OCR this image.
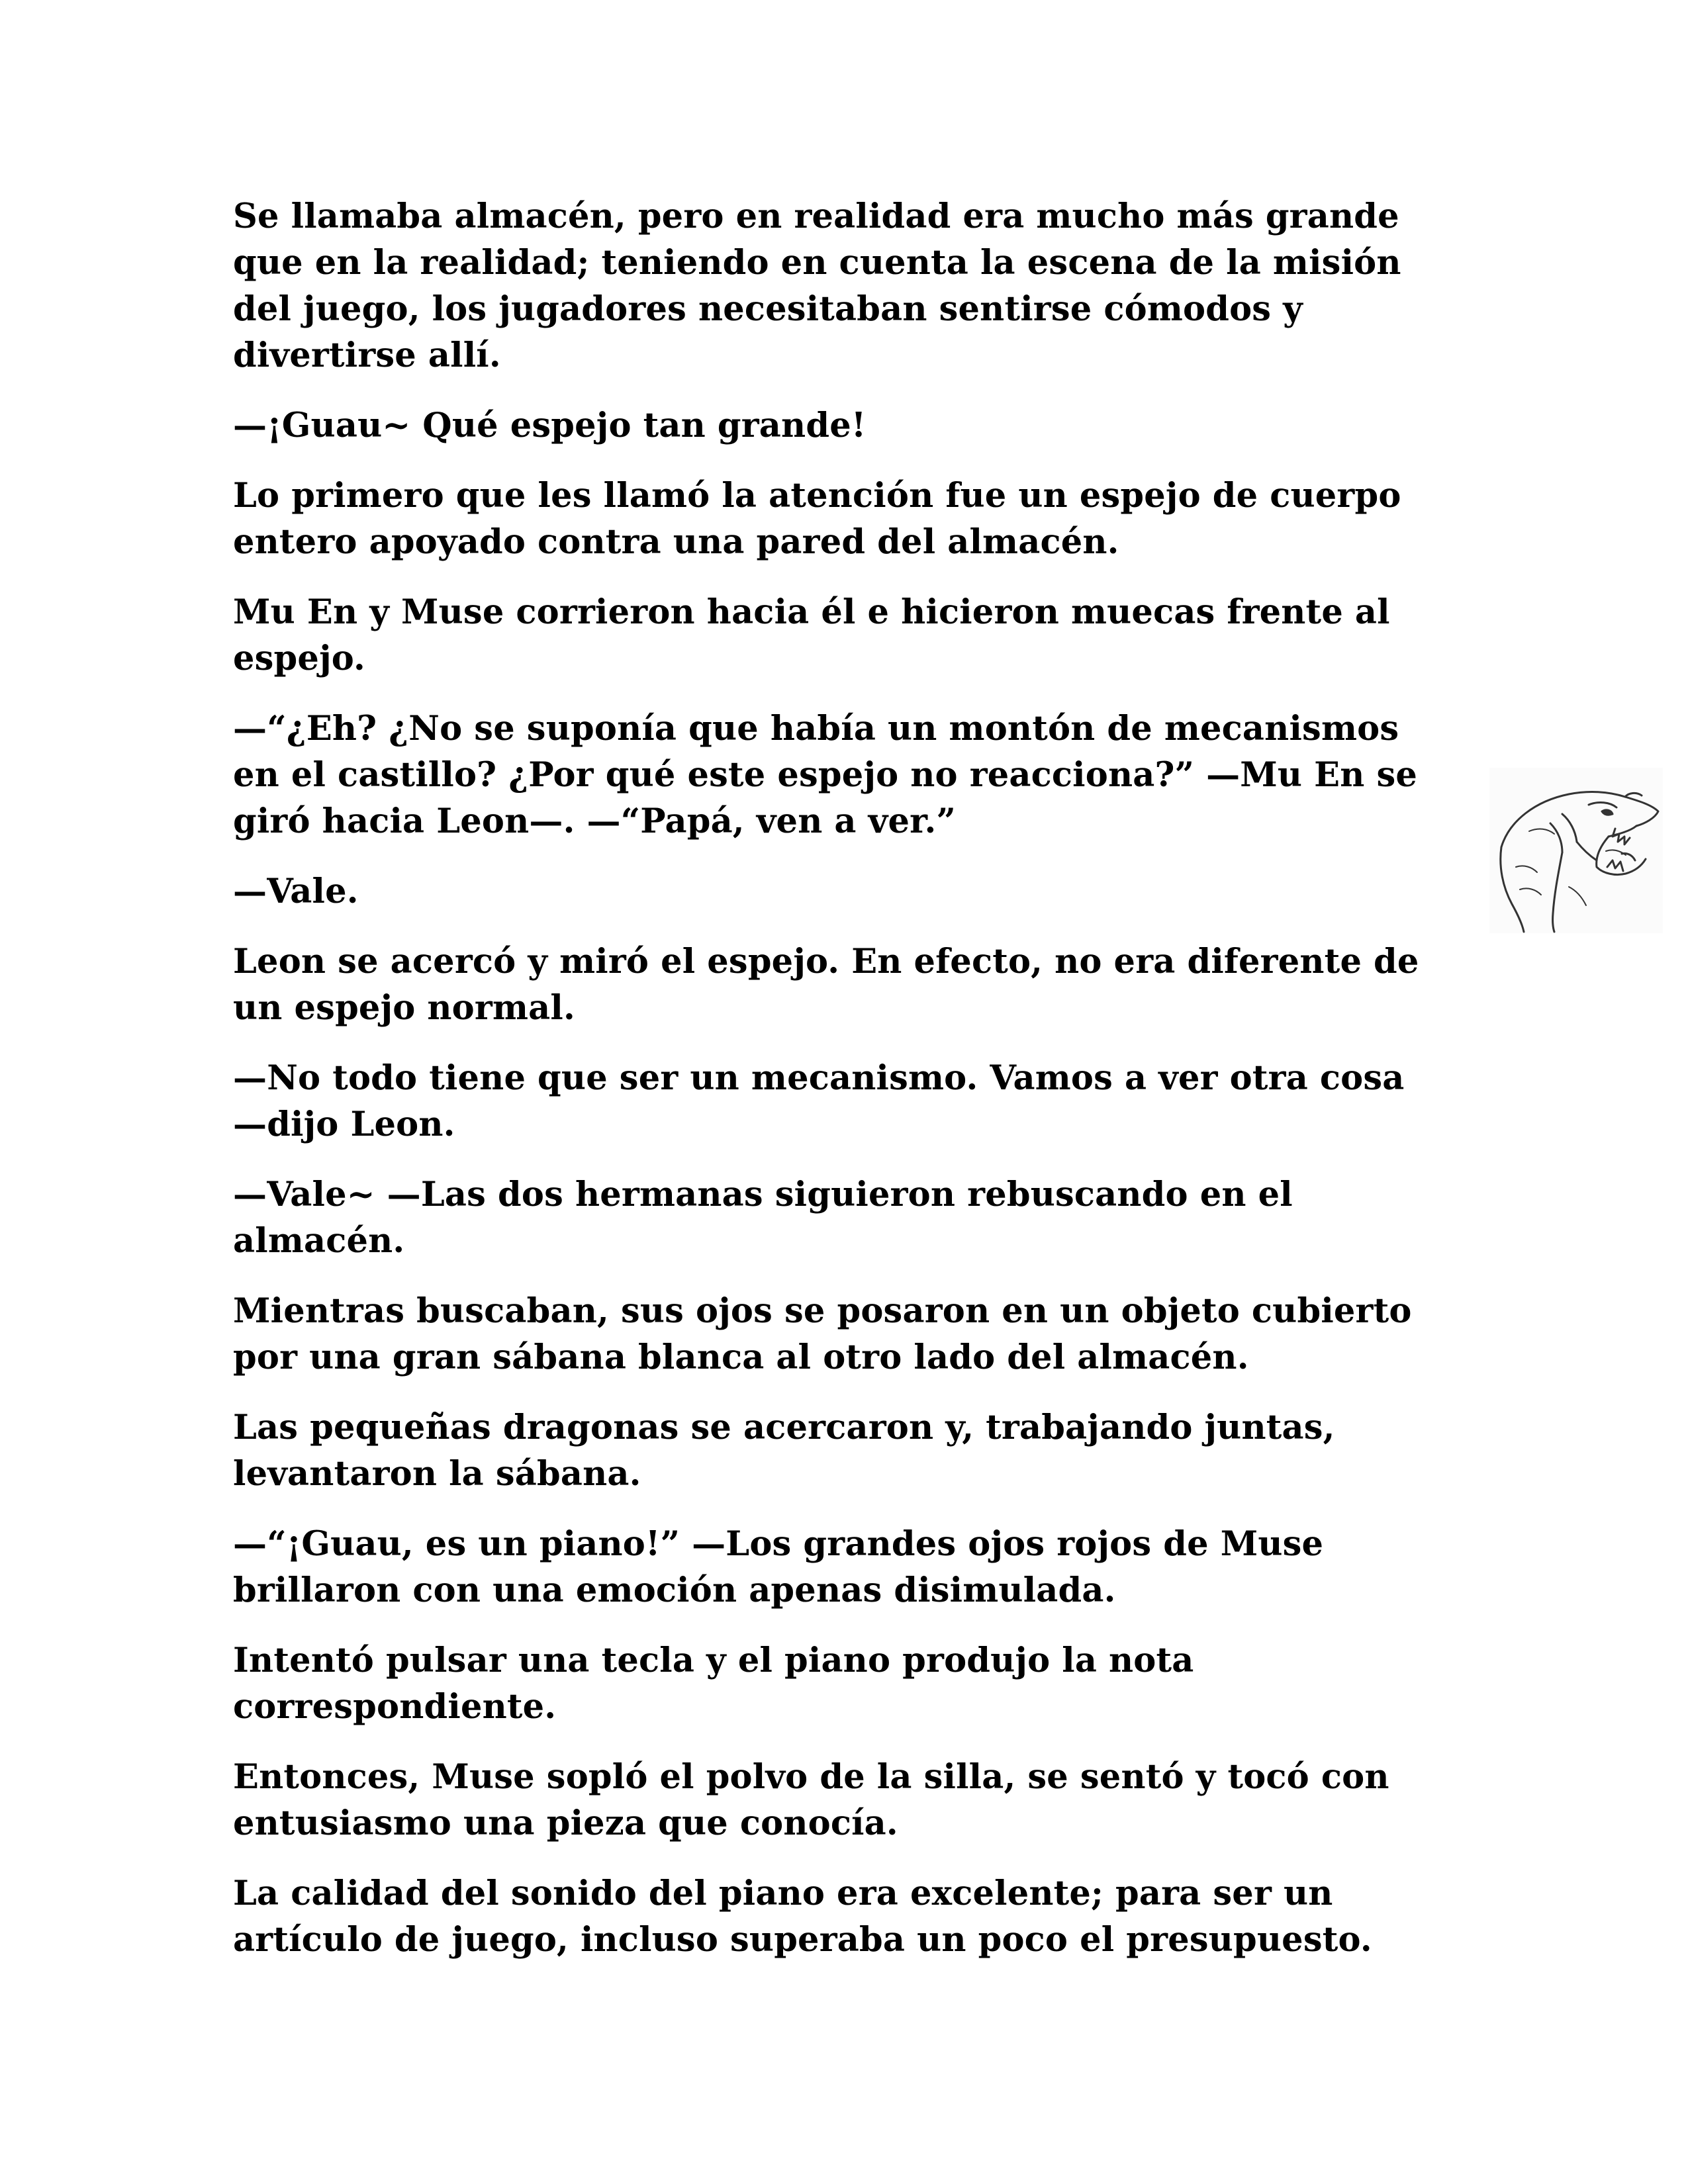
Se llamaba almacén, pero en realidad era mucho más grande que en la realidad; teniendo en cuenta la escena de la misión del juego, los jugadores necesitaban sentirse cómodos y divertirse allí.

—¡Guau~ Qué espejo tan grande!

Lo primero que les llamó la atención fue un espejo de cuerpo entero apoyado contra una pared del almacén.

Mu En y Muse corrieron hacia él e hicieron muecas frente al espejo.

—“¿Eh? ¿No se suponía que había un montón de mecanismos en el castillo? ¿Por qué este espejo no reacciona?” —Mu En se giró hacia Leon—. —“Papá, ven a ver.”

—Vale.

Leon se acercó y miró el espejo. En efecto, no era diferente de un espejo normal.

—No todo tiene que ser un mecanismo. Vamos a ver otra cosa —dijo Leon.

—Vale~ —Las dos hermanas siguieron rebuscando en el almacén.

Mientras buscaban, sus ojos se posaron en un objeto cubierto por una gran sábana blanca al otro lado del almacén.

Las pequeñas dragonas se acercaron y, trabajando juntas, levantaron la sábana.

—“¡Guau, es un piano!” —Los grandes ojos rojos de Muse brillaron con una emoción apenas disimulada.

Intentó pulsar una tecla y el piano produjo la nota correspondiente.

Entonces, Muse sopló el polvo de la silla, se sentó y tocó con entusiasmo una pieza que conocía.

La calidad del sonido del piano era excelente; para ser un artículo de juego, incluso superaba un poco el presupuesto.
